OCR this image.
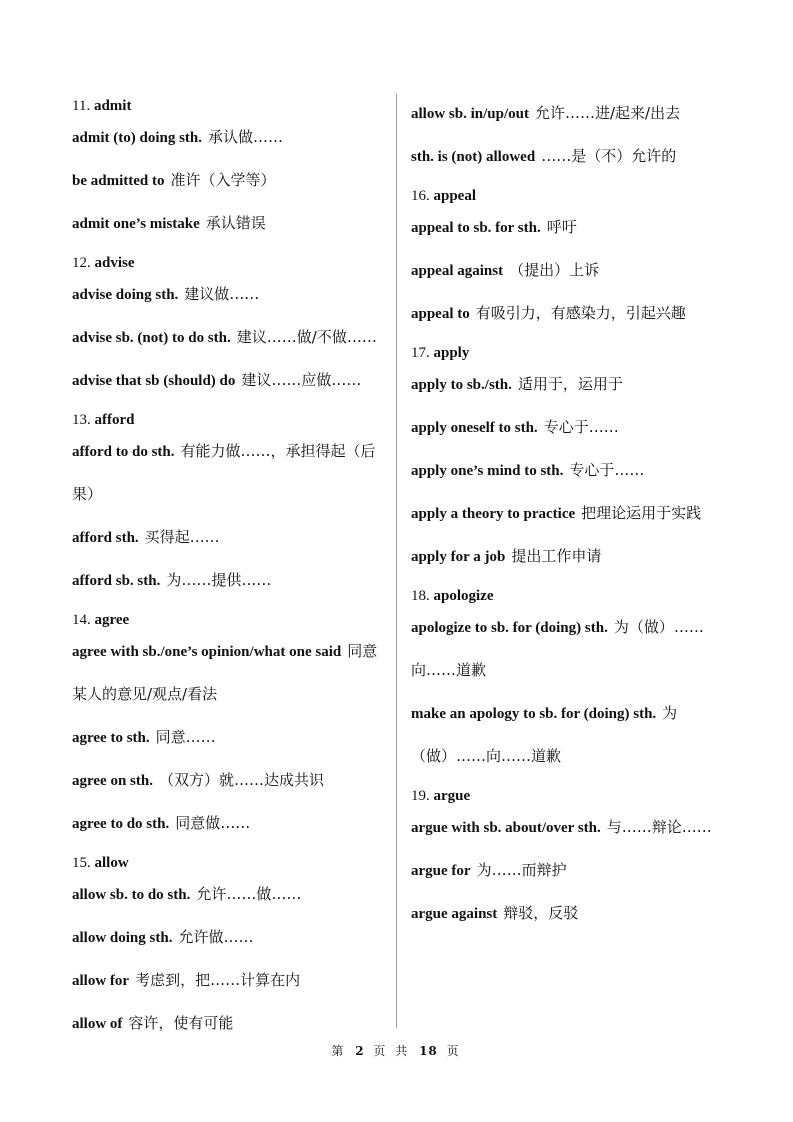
11. admit
admit (to) doing sth. 承认做……
be admitted to 准许（入学等）
admit one’s mistake 承认错误
12. advise
advise doing sth. 建议做……
advise sb. (not) to do sth. 建议……做/不做……
advise that sb (should) do 建议……应做……
13. afford
afford to do sth. 有能力做……，承担得起（后果）
afford sth. 买得起……
afford sb. sth. 为……提供……
14. agree
agree with sb./one’s opinion/what one said 同意某人的意见/观点/看法
agree to sth. 同意……
agree on sth. （双方）就……达成共识
agree to do sth. 同意做……
15. allow
allow sb. to do sth. 允许……做……
allow doing sth. 允许做……
allow for 考虑到，把……计算在内
allow of 容许，使有可能
allow sb. in/up/out 允许……进/起来/出去
sth. is (not) allowed ……是（不）允许的
16. appeal
appeal to sb. for sth. 呼吁
appeal against （提出）上诉
appeal to 有吸引力，有感染力，引起兴趣
17. apply
apply to sb./sth. 适用于，运用于
apply oneself to sth. 专心于……
apply one’s mind to sth. 专心于……
apply a theory to practice 把理论运用于实践
apply for a job 提出工作申请
18. apologize
apologize to sb. for (doing) sth. 为（做）……向……道歉
make an apology to sb. for (doing) sth. 为（做）……向……道歉
19. argue
argue with sb. about/over sth. 与……辩论……
argue for 为……而辩护
argue against 辩驳，反驳
第 2 页 共 18 页
